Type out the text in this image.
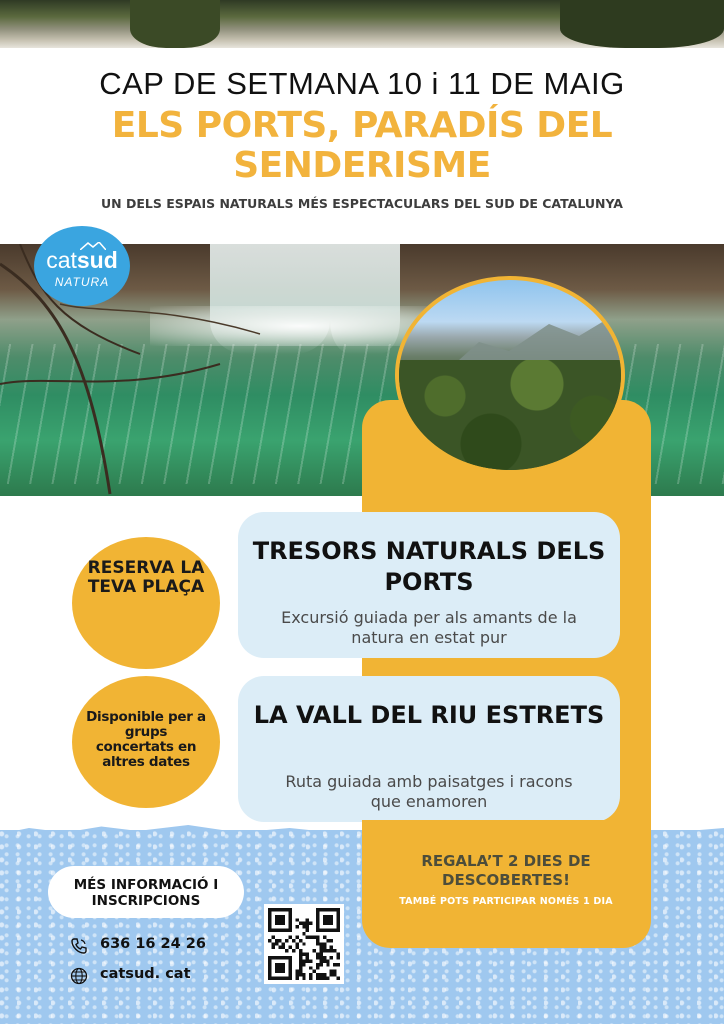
CAP DE SETMANA 10 i 11 DE MAIG
ELS PORTS, PARADÍS DEL SENDERISME
UN DELS ESPAIS NATURALS MÉS ESPECTACULARS DEL SUD DE CATALUNYA
catsud
NATURA
RESERVA LA TEVA PLAÇA
Disponible per a grups concertats en altres dates
TRESORS NATURALS DELS PORTS
Excursió guiada per als amants de la natura en estat pur
LA VALL DEL RIU ESTRETS
Ruta guiada amb paisatges i racons que enamoren
REGALA’T 2 DIES DE DESCOBERTES!
TAMBÉ POTS PARTICIPAR NOMÉS 1 DIA
MÉS INFORMACIÓ I INSCRIPCIONS
636 16 24 26
catsud. cat
